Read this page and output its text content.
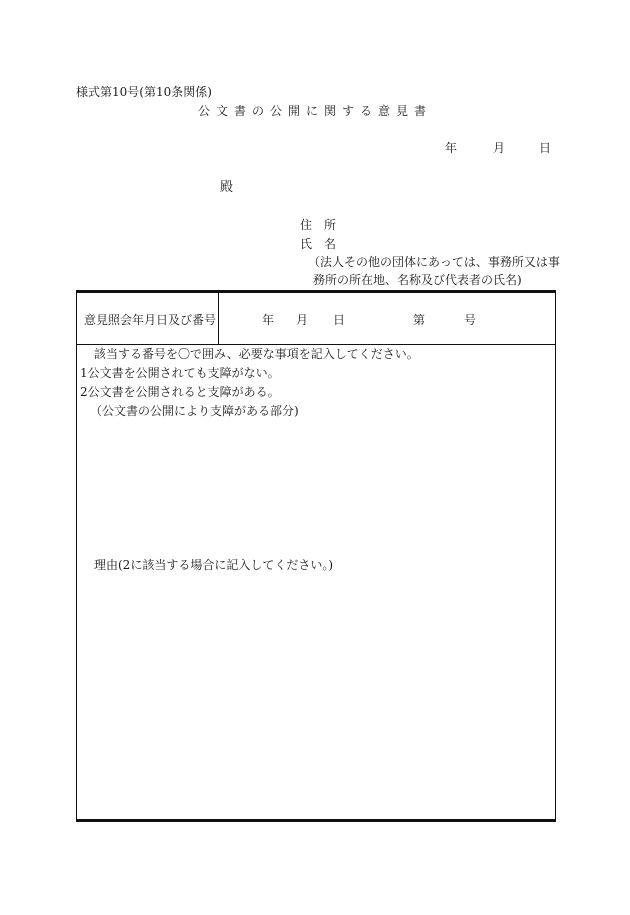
様式第10号(第10条関係)
公文書の公開に関する意見書
年	月	日
殿
住　所
氏　名
（法人その他の団体にあっては、事務所又は事
務所の所在地、名称及び代表者の氏名)
意見照会年月日及び番号	年 月 日	第	号
該当する番号を〇で囲み、必要な事項を記入してください。
1公文書を公開されても支障がない。
2公文書を公開されると支障がある。
（公文書の公開により支障がある部分)
理由(2に該当する場合に記入してください。)
